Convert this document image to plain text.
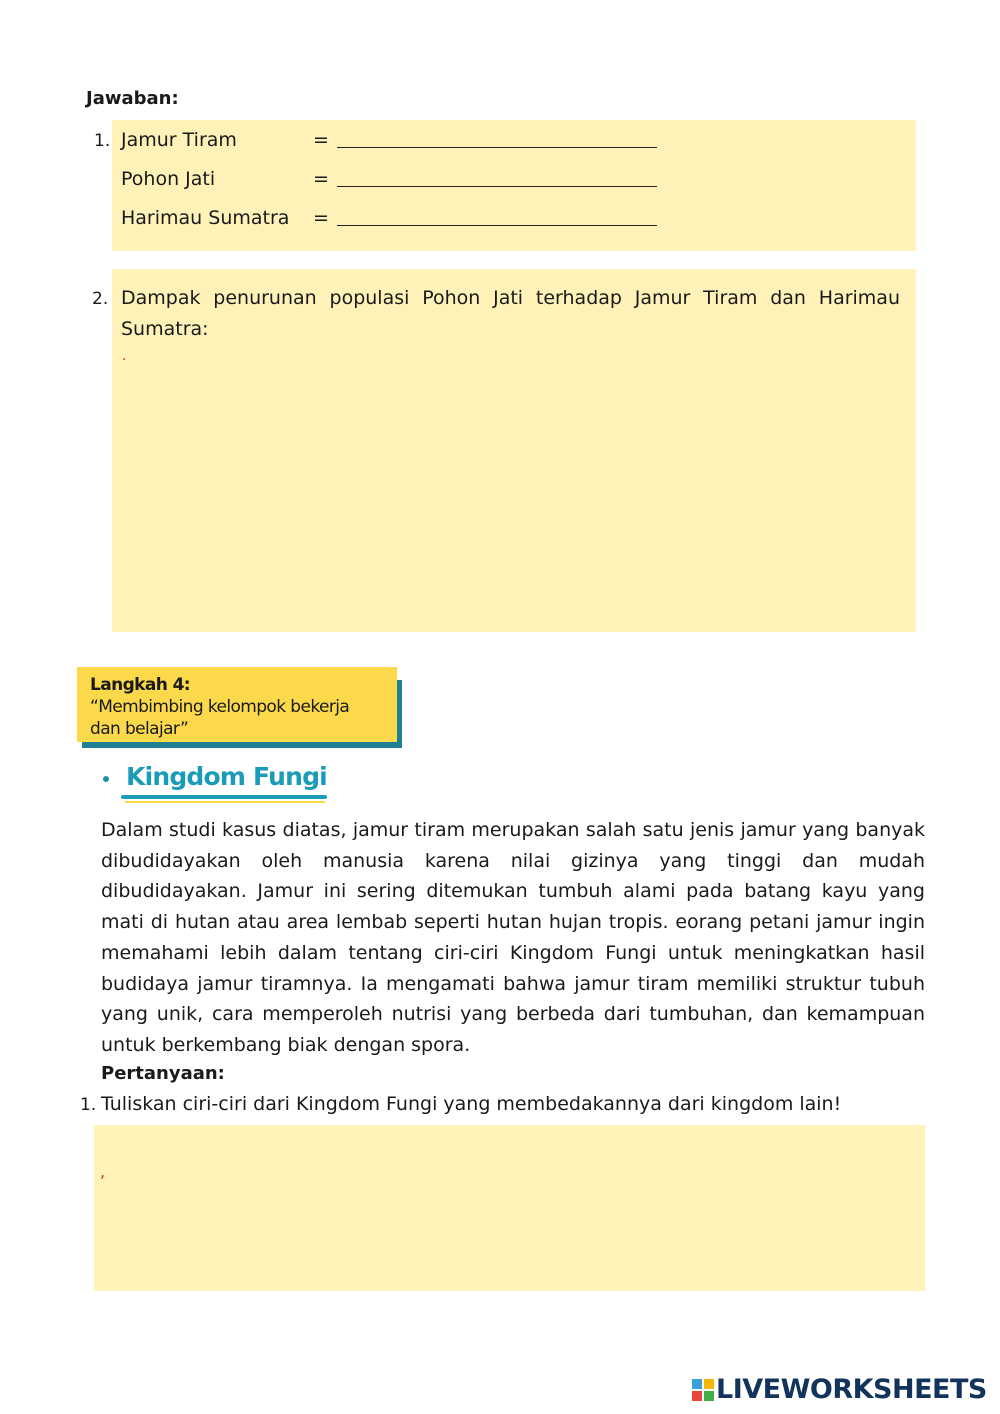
Jawaban:
1. Jamur Tiram	=
Pohon Jati	=
Harimau Sumatra =
2. Dampak penurunan populasi Pohon Jati terhadap Jamur Tiram dan Harimau Sumatra:
.
Langkah 4:
“Membimbing kelompok bekerja
dan belajar”
Kingdom Fungi
Dalam studi kasus diatas, jamur tiram merupakan salah satu jenis jamur yang banyak dibudidayakan oleh manusia karena nilai gizinya yang tinggi dan mudah dibudidayakan. Jamur ini sering ditemukan tumbuh alami pada batang kayu yang mati di hutan atau area lembab seperti hutan hujan tropis. eorang petani jamur ingin memahami lebih dalam tentang ciri-ciri Kingdom Fungi untuk meningkatkan hasil budidaya jamur tiramnya. Ia mengamati bahwa jamur tiram memiliki struktur tubuh yang unik, cara memperoleh nutrisi yang berbeda dari tumbuhan, dan kemampuan untuk berkembang biak dengan spora.
Pertanyaan:
1. Tuliskan ciri-ciri dari Kingdom Fungi yang membedakannya dari kingdom lain!
,
LIVEWORKSHEETS
